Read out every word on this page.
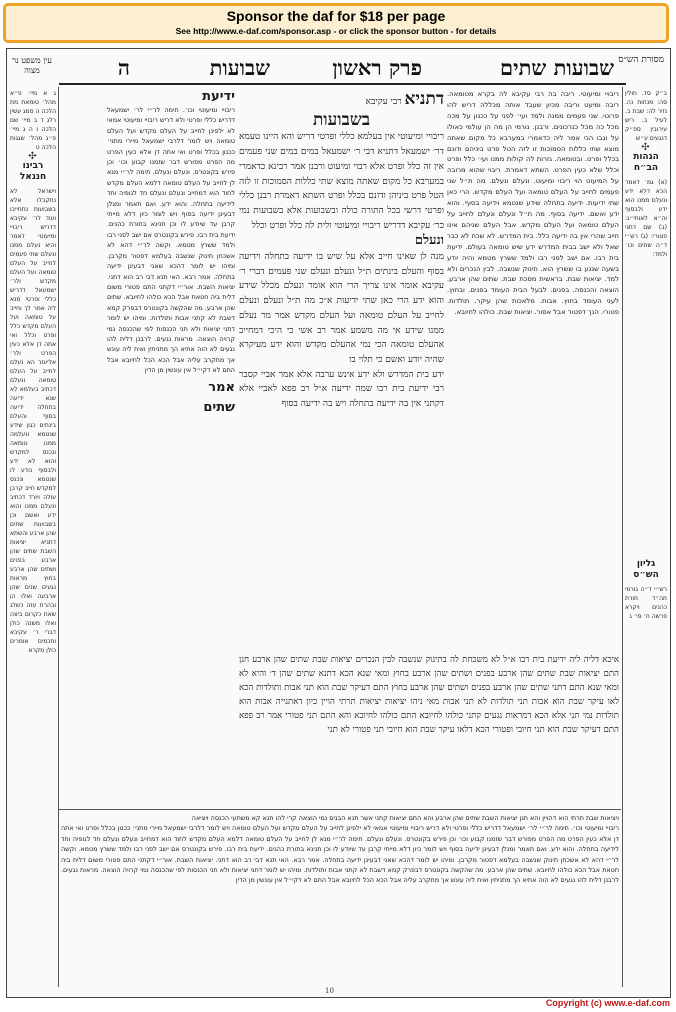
Sponsor the daf for $18 per page
See http://www.e-daf.com/sponsor.asp - or click the sponsor button - for details
מסורת הש״ס
שבועות שתים
פרק ראשון
שבועות
ה
עין משפט נר מצוה

ב״ק סד. חולין סה: מנחות נה. נזיר לה: שבת ב. לעיל ב. ריש עירובין ספ״ק דנגעים ע״ש

✣
הגהות הב״ח

(א) גמ׳ דאמר הכא דלא ידע ונעלם ממנו הוא ידע ולבסוף וה״א לאותי״ג: (ב) שם דתני פטורי: (ג) רש״י ד״ה שתים וכו׳ ולמד:

גליון הש״ס

רש״י ד״ה גורמי תה״ד תורת כהנים ויקרא פרשה ח׳ סי׳ ג

ריבויי ומיעוטי. ריבה בה רבי עקיבא לה בקרא מטומאה. ריבה ומיעט וריבה מכיון שעבד אותה מכללה דריש להו פרוטי. שני פעמים ממנה ולמד ועי׳ לפני על ככנון על מכה מכל כה מכל כנרכונים. ורבנן. גורמי הן מה הן עולמי כאולו על וגבו הכי אמר ליה כדאמרי במערבא כל מקום שאתה מוצא שתי כללות הסמוכות זו לזה הטל פרט ביניהם ודונם בכלל ופרט. ובטומאה. גזרות לה קולות ממנו ועי׳ כלל ופרט וכלל שלא כעין הפרט. השתא דאמרת. ריבוי שהוא מרובה על המיעוט הוי ריבוי ומיעוט. ונעלם ונעלם. מה ת״ל שני פעמים לחייב על העלם טומאה ועל העלם מקדש. הרי כאן שתי ידיעות. ידיעה בתחלה שידע שנטמא וידיעה בסוף. והוא ידע ואשם. ידיעה בסוף. מה ת״ל ונעלם ונעלם לחייב על העלם טומאה ועל העלם מקדש. אבל העלם שניהם אינו חייב שהרי אין בה ידיעה כלל. בית המדרש. לא שכח לא כבר שאל ולא ישב בבית המדרש ידע שיש טומאה בעולם. ידיעת בית רבו. אם ישב לפני רבו ולמד ששרץ מטמא והיה יודע בשעה שנגע בו ששרץ הוא. תינוק שנשבה. לבין הנכרים ולא למד. יציאות שבת. בראשית מסכת שבת. שתים שהן ארבע. הוצאה והכנסה. בפנים. לבעל הבית העומד בפנים. ובחוץ. לעני העומד בחוץ. אבות. מלאכות שהן עיקר. תולדות. פטורי. הנך דפטור אבל אסור. יציאות שבת. כולהו לחיובא.

דתניא רבי עקיבא

בשבועות

ריבויי ומיעוטי אין בעלמא כללי ופרטי דריש והא היינו טעמא דר׳ ישמעאל דתניא דבי ר׳ ישמעאל במים במים שני פעמים אין זה כלל ופרט אלא רבוי ומיעוט ורבנן אמר רבינא כדאמרי במערבא כל מקום שאתה מוצא שתי כללות הסמוכות זו לזה הטל פרט ביניהן ודונם בכלל ופרט השתא דאמרת רבנן כללי ופרטי דרשי בכל התורה כולה ובשבועות אלא בשבועות נמי כר׳ עקיבא דדריש ריבויי ומיעוטי ולית לה כלל ופרט וכלל

ונעלם

מנה לן שאינו חייב אלא על שיש בו ידיעה בתחלה וידיעה בסוף והעלם בינתים ת״ל ונעלם ונעלם שני פעמים דברי ר׳ עקיבא אומר אינו צריך הרי הוא אומר ונעלם מכלל שידע והוא ידע הרי כאן שתי ידיעות א״כ מה ת״ל ונעלם ונעלם לחייב על העלם טומאה ועל העלם מקדש אמר מר נעלם ממנו שידע אי מה משמע אמר רב אשי כי היכי דמחייב אהעלם טומאה הכי נמי אהעלם מקדש והוא ידע מעיקרא שהיה יודע ואשם כי תלוי בו

ידע בית המדרש ולא ידע אינש ערבה אלא אמר אביי קסבר רבי ידיעת בית רבו שמה ידיעה א״ל רב פפא לאביי אלא דקתני אין בה ידיעה בתחלה ויש בה ידיעה בסוף

ידיעת

ריבויי ומיעוטי וכו׳. תימה לר״י לר׳ ישמעאל דדריש כללי ופרטי ולא דריש ריבויי ומיעוטי אמאי לא ילפינן לחייב על העלם מקדש ועל העלם טומאה ויש לומר דלרבי ישמעאל מיירי מתני׳ ככנון בכלל ופרט ואי אתה דן אלא כעין הפרט מה הפרט מפורש דבר שזמנו קבוע וכו׳ וכן פירש בקונטרס. ונעלם ונעלם. תימה לר״י מנא לן לחייב על העלם טומאה דלמא העלם מקדש לחוד הוא דמחייב ונעלם ונעלם חד לגופיה וחד לידיעה בתחלה. והוא ידע. ואם תאמר ומנלן דבעינן ידיעה בסוף ויש לומר כיון דלא מייתי קרבן עד שיודע לו וכן תנינא בתורת כהנים. ידיעת בית רבו. פירש בקונטרס אם ישב לפני רבו ולמד ששרץ מטמא. וקשה לר״י דהא לא אשכחן תינוק שנשבה בעלמא דפטור מקרבן. ומיהו יש לומר דהכא שאני דבעינן ידיעה בתחלה. אמר רבא. האי תנא דבי רב הוא דתני. יציאות השבת. אור״י דקתני התם פטורי משום דלית ביה חטאת אבל הכא כולהו לחיובא. שתים שהן ארבע. מה שהקשה בקונטרס דבפרק קמא דשבת לא קתני אבות ותולדות. ומיהו יש לומר דתני יציאות ולא תני הכנסות לפי שהכנסה נמי קרויה הוצאה. מראות נגעים. לרבנן דלית להו נגעים לא הוה אתיא הך מתניתין ואית ליה עונש אך מתקרב עליה אבל הכא הכל לחיובא אבל התם לא דקי״ל אין עונשין מן הדין

אמר

שתים

ג א מיי׳ פ״א מהל׳ טומאת מת הלכה ה סמג עשין רלג ד ב מיי׳ שם הלכה ו ה ג מיי׳ פ״ג מהל׳ שגגות הלכה ט

✣
רבינו חננאל

וישראל לא נתקבלו אלא בשבועות נתחייבו ועוד לר׳ עקיבא דדריש ריבויי ומיעוטי דאמר והיא נעלם ממנו ונעלם שתי פעמים לחייב על העלם טומאה ועל העלם מקדש ולר׳ ישמעאל דדריש כללי ופרטי מנא ליה אמר לך וחייב על טומאה ועל העלם מקדש כלל ופרט וכלל ואי אתה דן אלא כעין הפרט ולר׳ אליעזר הא נעלם לחייב על העלם טומאה ונעלם דכתיב בעלמא לא שנא ידיעה בתחלה ידיעה בסוף והעלם בינתים כגון שידע שנטמא ונעלמה ממנו טומאה ונכנס למקדש והוא לא ידע ולבסוף נודע לו שנטמא ונכנס למקדש חייב קרבן עולה ויורד דכתיב ונעלם ממנו והוא ידע ואשם וכן בשבועות שתים שהן ארבע והשתא דתניא יציאות השבת שתים שהן ארבע בפנים ושתים שהן ארבע בחוץ מראות נגעים שנים שהן ארבעה ואלו הן ובהרת עזה כשלג שאת כקרום ביצה ואלו משנה כולן דברי ר׳ עקיבא וחכמים אומרים כולן מקרא

איכא דליה ליה ידיעת בית רבו א״ל לא משכחת לה בתינוק שנשבה לבין הנכרים יציאות שבת שתים שהן ארבע חנן התם יציאות שבת שתים שהן ארבע בפנים ושתים שהן ארבע בחוץ ומאי שנא הכא דתנא שתים שהן ד׳ והיא לא ומאי שנא התם דתני שתים שהן ארבע בפנים ושתים שהן ארבע בחוץ התם דעיקר שבת הוא תני אבות ותולדות הכא לאו עיקר שבת הוא אבות תני תולדות לא תני אבות מאי ניהו יציאות יציאות תרתי הויין כיון דאתנייה אבות הוא תולדות נמי תני אלא הכא דמראות נגעים קתני כולהו לחיובא התם כולהו לחיובא והא התם תני פטורי אמר רב פפא התם דעיקר שבת הוא תני חיובי ופטורי הכא דלאו עיקר שבת הוא חיובי תני פטורי לא תני

ויציאות שבת תרתי הוא דהויין והא תנן יציאות השבת שתים שהן ארבע והא התם יציאות קתני אשר תנא הבנים נמי הוצאה קרי להו תנא קא משתעי הכנסה ויציאה

ריבויי ומיעוטי וכו׳. תימה לר״י לר׳ ישמעאל דדריש כללי ופרטי ולא דריש ריבויי ומיעוטי אמאי לא ילפינן לחייב על העלם מקדש ועל העלם טומאה ויש לומר דלרבי ישמעאל מיירי מתני׳ ככנון בכלל ופרט ואי אתה דן אלא כעין הפרט מה הפרט מפורש דבר שזמנו קבוע וכו׳ וכן פירש בקונטרס. ונעלם ונעלם. תימה לר״י מנא לן לחייב על העלם טומאה דלמא העלם מקדש לחוד הוא דמחייב ונעלם ונעלם חד לגופיה וחד לידיעה בתחלה. והוא ידע. ואם תאמר ומנלן דבעינן ידיעה בסוף ויש לומר כיון דלא מייתי קרבן עד שיודע לו וכן תנינא בתורת כהנים. ידיעת בית רבו. פירש בקונטרס אם ישב לפני רבו ולמד ששרץ מטמא. וקשה לר״י דהא לא אשכחן תינוק שנשבה בעלמא דפטור מקרבן. ומיהו יש לומר דהכא שאני דבעינן ידיעה בתחלה. אמר רבא. האי תנא דבי רב הוא דתני. יציאות השבת. אור״י דקתני התם פטורי משום דלית ביה חטאת אבל הכא כולהו לחיובא. שתים שהן ארבע. מה שהקשה בקונטרס דבפרק קמא דשבת לא קתני אבות ותולדות. ומיהו יש לומר דתני יציאות ולא תני הכנסות לפי שהכנסה נמי קרויה הוצאה. מראות נגעים. לרבנן דלית להו נגעים לא הוה אתיא הך מתניתין ואית ליה עונש אך מתקרב עליה אבל הכא הכל לחיובא אבל התם לא דקי״ל אין עונשין מן הדין

10
Copyright (c) www.e-daf.com
